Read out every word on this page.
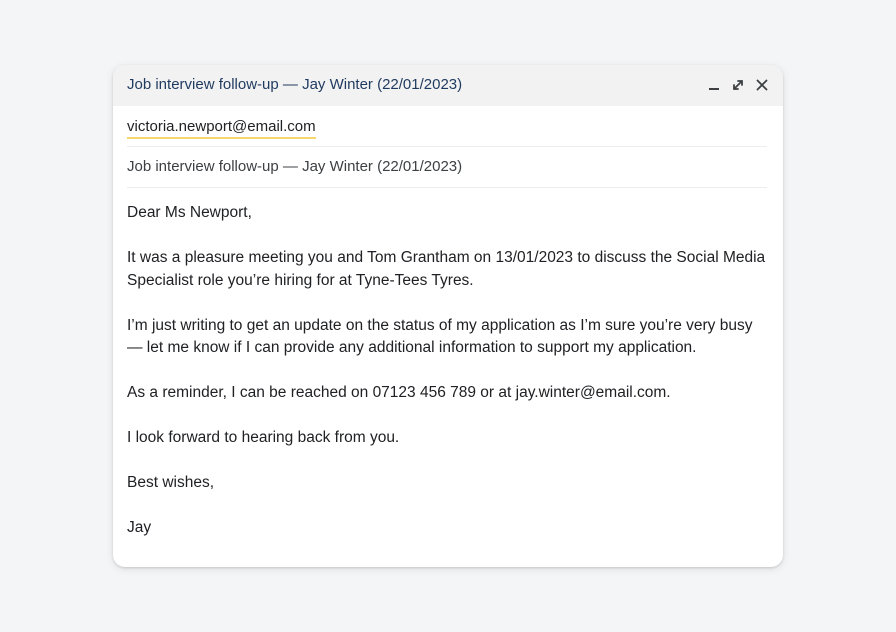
Job interview follow-up — Jay Winter (22/01/2023)
victoria.newport@email.com
Job interview follow-up — Jay Winter (22/01/2023)

Dear Ms Newport,

It was a pleasure meeting you and Tom Grantham on 13/01/2023 to discuss the Social Media Specialist role you’re hiring for at Tyne-Tees Tyres.

I’m just writing to get an update on the status of my application as I’m sure you’re very busy — let me know if I can provide any additional information to support my application.

As a reminder, I can be reached on 07123 456 789 or at jay.winter@email.com.

I look forward to hearing back from you.

Best wishes,

Jay
